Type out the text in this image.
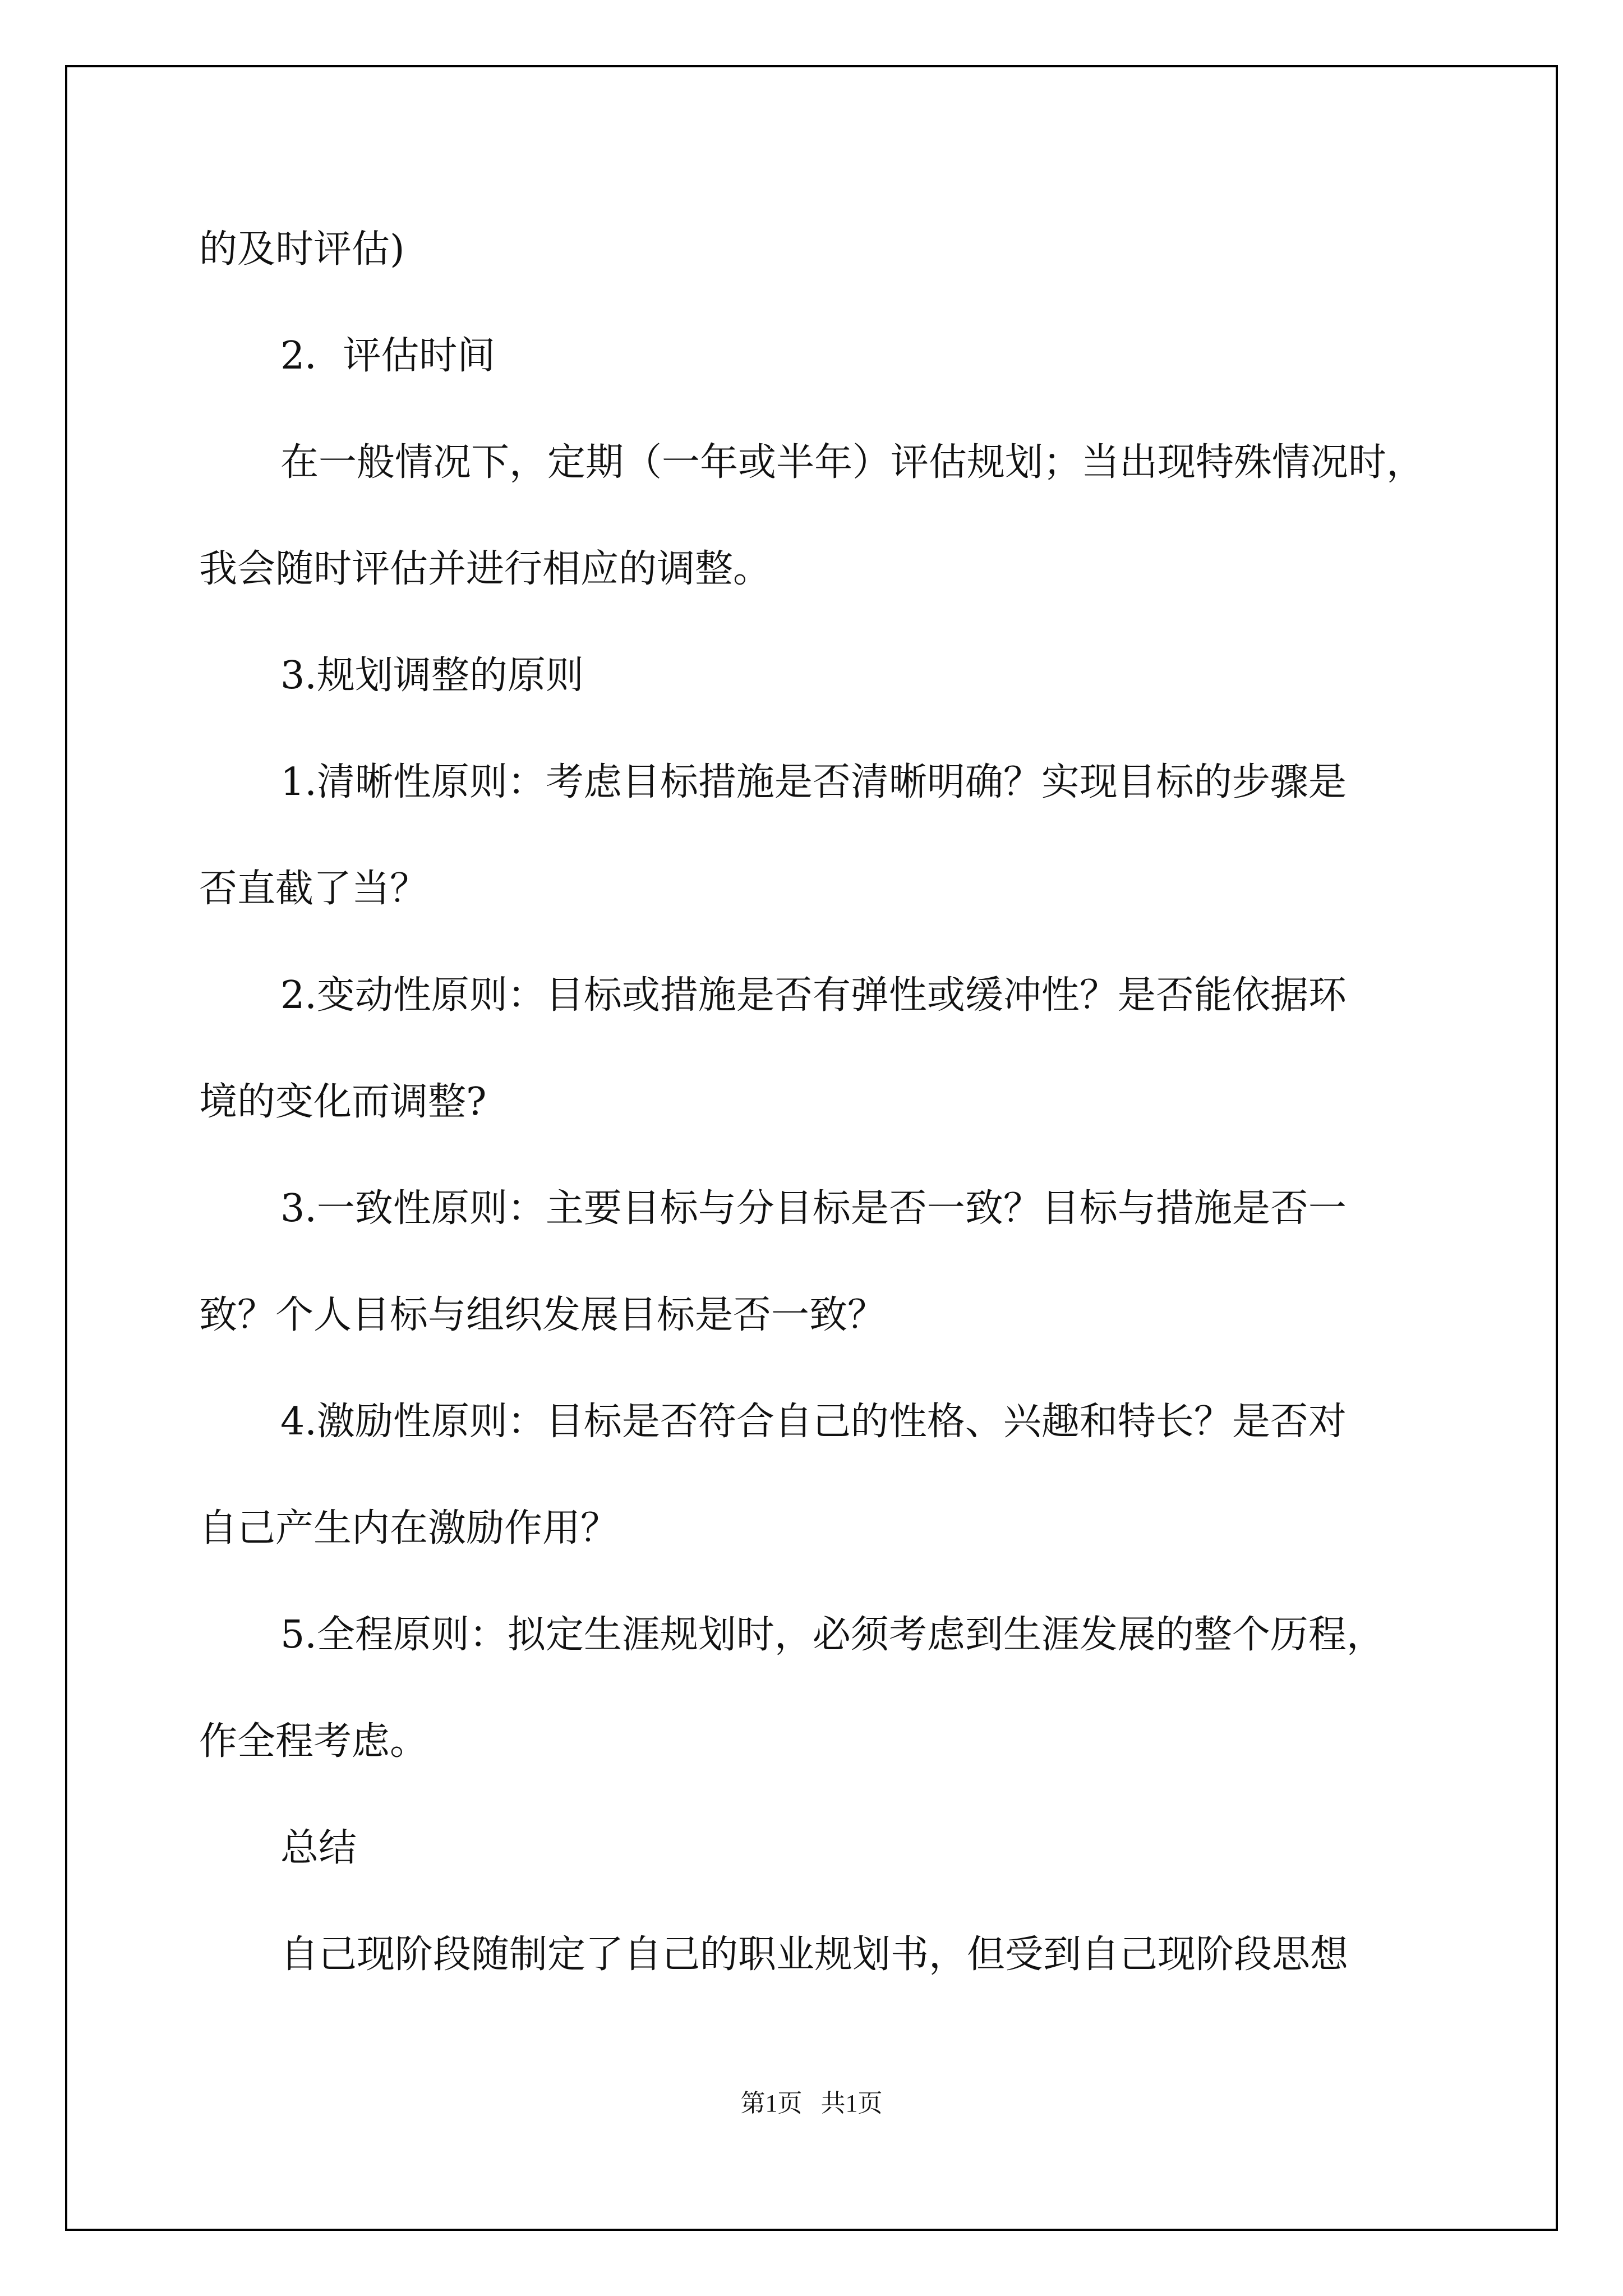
的及时评估)

2．评估时间

在一般情况下，定期（一年或半年）评估规划；当出现特殊情况时，

我会随时评估并进行相应的调整。

3.规划调整的原则

1.清晰性原则：考虑目标措施是否清晰明确？实现目标的步骤是

否直截了当？

2.变动性原则：目标或措施是否有弹性或缓冲性？是否能依据环

境的变化而调整?

3.一致性原则：主要目标与分目标是否一致？目标与措施是否一

致？个人目标与组织发展目标是否一致？

4.激励性原则：目标是否符合自己的性格、兴趣和特长？是否对

自己产生内在激励作用？

5.全程原则：拟定生涯规划时，必须考虑到生涯发展的整个历程，

作全程考虑。

总结

自己现阶段随制定了自己的职业规划书，但受到自己现阶段思想

第1页   共1页
